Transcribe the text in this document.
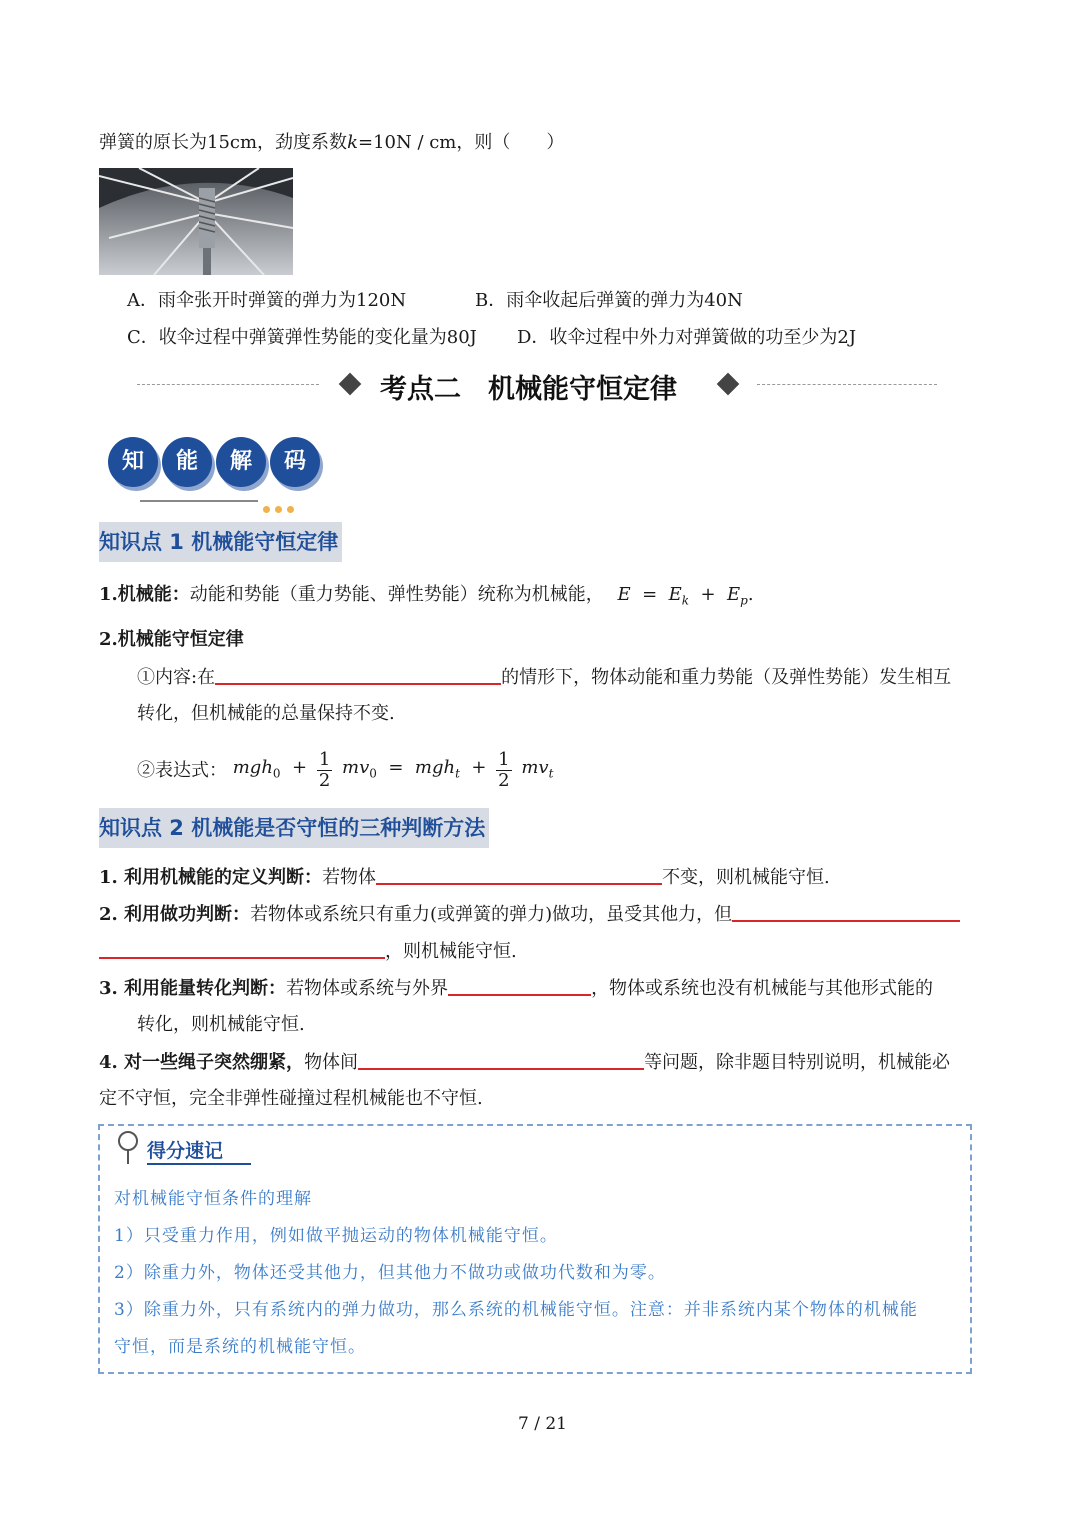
弹簧的原长为15cm，劲度系数k=10N / cm，则（　　）
A．雨伞张开时弹簧的弹力为120N	B．雨伞收起后弹簧的弹力为40N
C．收伞过程中弹簧弹性势能的变化量为80J D．收伞过程中外力对弹簧做的功至少为2J
考点二　机械能守恒定律
知	能	解	码
知识点 1 机械能守恒定律
1.机械能：动能和势能（重力势能、弹性势能）统称为机械能， $E = E_k + E_p$.
2.机械能守恒定律
①内容:在	的情形下，物体动能和重力势能（及弹性势能）发生相互
转化，但机械能的总量保持不变.
②表达式： $mgh_0 + \frac{1}{2} mv_0 = mgh_t + \frac{1}{2} mv_t$
知识点 2 机械能是否守恒的三种判断方法
1. 利用机械能的定义判断：若物体	不变，则机械能守恒.
2. 利用做功判断：若物体或系统只有重力(或弹簧的弹力)做功，虽受其他力，但
，则机械能守恒.
3. 利用能量转化判断：若物体或系统与外界	，物体或系统也没有机械能与其他形式能的
转化，则机械能守恒.
4. 对一些绳子突然绷紧，物体间	等问题，除非题目特别说明，机械能必
定不守恒，完全非弹性碰撞过程机械能也不守恒.
得分速记
对机械能守恒条件的理解
1）只受重力作用，例如做平抛运动的物体机械能守恒。
2）除重力外，物体还受其他力，但其他力不做功或做功代数和为零。
3）除重力外，只有系统内的弹力做功，那么系统的机械能守恒。注意：并非系统内某个物体的机械能
守恒，而是系统的机械能守恒。
7 / 21
